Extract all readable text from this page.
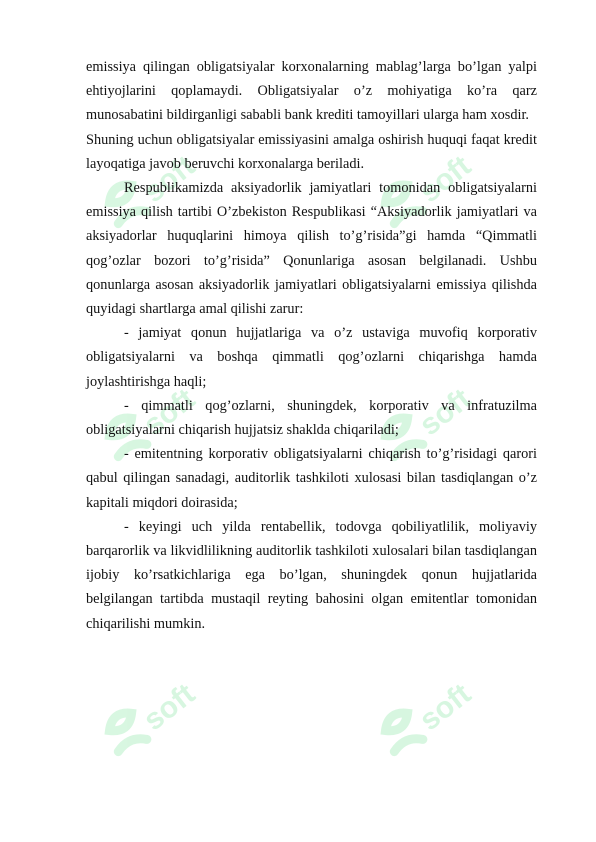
soft	soft
soft	soft
soft	soft

emissiya qilingan obligatsiyalar korxonalarning mablag’larga bo’lgan yalpi ehtiyojlarini qoplamaydi. Obligatsiyalar o’z mohiyatiga ko’ra qarz munosabatini bildirganligi sababli bank krediti tamoyillari ularga ham xosdir.

Shuning uchun obligatsiyalar emissiyasini amalga oshirish huquqi faqat kredit layoqatiga javob beruvchi korxonalarga beriladi.

Respublikamizda aksiyadorlik jamiyatlari tomonidan obligatsiyalarni emissiya qilish tartibi O’zbekiston Respublikasi “Aksiyadorlik jamiyatlari va aksiyadorlar huquqlarini himoya qilish to’g’risida”gi hamda “Qimmatli qog’ozlar bozori to’g’risida” Qonunlariga asosan belgilanadi. Ushbu qonunlarga asosan aksiyadorlik jamiyatlari obligatsiyalarni emissiya qilishda quyidagi shartlarga amal qilishi zarur:

- jamiyat qonun hujjatlariga va o’z ustaviga muvofiq korporativ obligatsiyalarni va boshqa qimmatli qog’ozlarni chiqarishga hamda joylashtirishga haqli;

- qimmatli qog’ozlarni, shuningdek, korporativ va infratuzilma obligatsiyalarni chiqarish hujjatsiz shaklda chiqariladi;

- emitentning korporativ obligatsiyalarni chiqarish to’g’risidagi qarori qabul qilingan sanadagi, auditorlik tashkiloti xulosasi bilan tasdiqlangan o’z kapitali miqdori doirasida;

- keyingi uch yilda rentabellik, todovga qobiliyatlilik, moliyaviy barqarorlik va likvidlilikning auditorlik tashkiloti xulosalari bilan tasdiqlangan ijobiy ko’rsatkichlariga ega bo’lgan, shuningdek qonun hujjatlarida belgilangan tartibda mustaqil reyting bahosini olgan emitentlar tomonidan chiqarilishi mumkin.
